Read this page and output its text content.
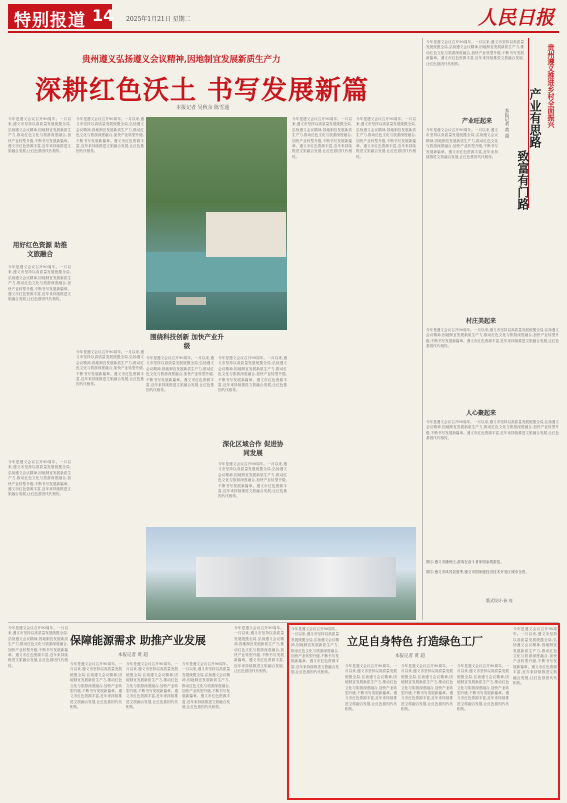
特别报道 14 2025年1月21日 星期二	人民日报
贵州遵义弘扬遵义会议精神,因地制宜发展新质生产力
深耕红色沃土 书写发展新篇
本报记者 吴秋余 陈雪通
今年是遵义会议召开90周年。一月以来,遵义市坚持以高质量发展统揽全局,弘扬遵义会议精神,因地制宜发展新质生产力,推动红色文化与旅游深度融合,加快产业转型升级,不断书写发展新篇章。遵义市红色资源丰富,近年来持续推进文旅融合发展,让红色基因代代相传。
今年是遵义会议召开90周年。一月以来,遵义市坚持以高质量发展统揽全局,弘扬遵义会议精神,因地制宜发展新质生产力,推动红色文化与旅游深度融合,加快产业转型升级,不断书写发展新篇章。遵义市红色资源丰富,近年来持续推进文旅融合发展,让红色基因代代相传。
用好红色资源 助推文旅融合
今年是遵义会议召开90周年。一月以来,遵义市坚持以高质量发展统揽全局,弘扬遵义会议精神,因地制宜发展新质生产力,推动红色文化与旅游深度融合,加快产业转型升级,不断书写发展新篇章。遵义市红色资源丰富,近年来持续推进文旅融合发展,让红色基因代代相传。
围绕科技创新 加快产业升级
今年是遵义会议召开90周年。一月以来,遵义市坚持以高质量发展统揽全局,弘扬遵义会议精神,因地制宜发展新质生产力,推动红色文化与旅游深度融合,加快产业转型升级,不断书写发展新篇章。遵义市红色资源丰富,近年来持续推进文旅融合发展,让红色基因代代相传。
今年是遵义会议召开90周年。一月以来,遵义市坚持以高质量发展统揽全局,弘扬遵义会议精神,因地制宜发展新质生产力,推动红色文化与旅游深度融合,加快产业转型升级,不断书写发展新篇章。遵义市红色资源丰富,近年来持续推进文旅融合发展,让红色基因代代相传。
深化区域合作 促进协同发展
今年是遵义会议召开90周年。一月以来,遵义市坚持以高质量发展统揽全局,弘扬遵义会议精神,因地制宜发展新质生产力,推动红色文化与旅游深度融合,加快产业转型升级,不断书写发展新篇章。遵义市红色资源丰富,近年来持续推进文旅融合发展,让红色基因代代相传。
今年是遵义会议召开90周年。一月以来,遵义市坚持以高质量发展统揽全局,弘扬遵义会议精神,因地制宜发展新质生产力,推动红色文化与旅游深度融合,加快产业转型升级,不断书写发展新篇章。遵义市红色资源丰富,近年来持续推进文旅融合发展,让红色基因代代相传。
今年是遵义会议召开90周年。一月以来,遵义市坚持以高质量发展统揽全局,弘扬遵义会议精神,因地制宜发展新质生产力,推动红色文化与旅游深度融合,加快产业转型升级,不断书写发展新篇章。遵义市红色资源丰富,近年来持续推进文旅融合发展,让红色基因代代相传。
今年是遵义会议召开90周年。一月以来,遵义市坚持以高质量发展统揽全局,弘扬遵义会议精神,因地制宜发展新质生产力,推动红色文化与旅游深度融合,加快产业转型升级,不断书写发展新篇章。遵义市红色资源丰富,近年来持续推进文旅融合发展,让红色基因代代相传。
今年是遵义会议召开90周年。一月以来,遵义市坚持以高质量发展统揽全局,弘扬遵义会议精神,因地制宜发展新质生产力,推动红色文化与旅游深度融合,加快产业转型升级,不断书写发展新篇章。遵义市红色资源丰富,近年来持续推进文旅融合发展,让红色基因代代相传。
今年是遵义会议召开90周年。一月以来,遵义市坚持以高质量发展统揽全局,弘扬遵义会议精神,因地制宜发展新质生产力,推动红色文化与旅游深度融合,加快产业转型升级,不断书写发展新篇章。遵义市红色资源丰富,近年来持续推进文旅融合发展,让红色基因代代相传。	贵州遵义推进乡村全面振兴
产业有思路
致富有门路
本报记者 黄 超
产业旺起来
今年是遵义会议召开90周年。一月以来,遵义市坚持以高质量发展统揽全局,弘扬遵义会议精神,因地制宜发展新质生产力,推动红色文化与旅游深度融合,加快产业转型升级,不断书写发展新篇章。遵义市红色资源丰富,近年来持续推进文旅融合发展,让红色基因代代相传。
村庄美起来
今年是遵义会议召开90周年。一月以来,遵义市坚持以高质量发展统揽全局,弘扬遵义会议精神,因地制宜发展新质生产力,推动红色文化与旅游深度融合,加快产业转型升级,不断书写发展新篇章。遵义市红色资源丰富,近年来持续推进文旅融合发展,让红色基因代代相传。
人心聚起来
今年是遵义会议召开90周年。一月以来,遵义市坚持以高质量发展统揽全局,弘扬遵义会议精神,因地制宜发展新质生产力,推动红色文化与旅游深度融合,加快产业转型升级,不断书写发展新篇章。遵义市红色资源丰富,近年来持续推进文旅融合发展,让红色基因代代相传。
图①:遵义市播州区,游客在奋斗者家园参观游览。
图②:遵义市凤冈县夏季,遵义市国家级经济技术开发区城市全景。
版式设计:孙 亮
今年是遵义会议召开90周年。一月以来,遵义市坚持以高质量发展统揽全局,弘扬遵义会议精神,因地制宜发展新质生产力,推动红色文化与旅游深度融合,加快产业转型升级,不断书写发展新篇章。遵义市红色资源丰富,近年来持续推进文旅融合发展,让红色基因代代相传。
保障能源需求 助推产业发展
本报记者 黄 超
今年是遵义会议召开90周年。一月以来,遵义市坚持以高质量发展统揽全局,弘扬遵义会议精神,因地制宜发展新质生产力,推动红色文化与旅游深度融合,加快产业转型升级,不断书写发展新篇章。遵义市红色资源丰富,近年来持续推进文旅融合发展,让红色基因代代相传。
今年是遵义会议召开90周年。一月以来,遵义市坚持以高质量发展统揽全局,弘扬遵义会议精神,因地制宜发展新质生产力,推动红色文化与旅游深度融合,加快产业转型升级,不断书写发展新篇章。遵义市红色资源丰富,近年来持续推进文旅融合发展,让红色基因代代相传。
今年是遵义会议召开90周年。一月以来,遵义市坚持以高质量发展统揽全局,弘扬遵义会议精神,因地制宜发展新质生产力,推动红色文化与旅游深度融合,加快产业转型升级,不断书写发展新篇章。遵义市红色资源丰富,近年来持续推进文旅融合发展,让红色基因代代相传。
今年是遵义会议召开90周年。一月以来,遵义市坚持以高质量发展统揽全局,弘扬遵义会议精神,因地制宜发展新质生产力,推动红色文化与旅游深度融合,加快产业转型升级,不断书写发展新篇章。遵义市红色资源丰富,近年来持续推进文旅融合发展,让红色基因代代相传。
今年是遵义会议召开90周年。一月以来,遵义市坚持以高质量发展统揽全局,弘扬遵义会议精神,因地制宜发展新质生产力,推动红色文化与旅游深度融合,加快产业转型升级,不断书写发展新篇章。遵义市红色资源丰富,近年来持续推进文旅融合发展,让红色基因代代相传。
立足自身特色 打造绿色工厂
本报记者 黄 超
今年是遵义会议召开90周年。一月以来,遵义市坚持以高质量发展统揽全局,弘扬遵义会议精神,因地制宜发展新质生产力,推动红色文化与旅游深度融合,加快产业转型升级,不断书写发展新篇章。遵义市红色资源丰富,近年来持续推进文旅融合发展,让红色基因代代相传。
今年是遵义会议召开90周年。一月以来,遵义市坚持以高质量发展统揽全局,弘扬遵义会议精神,因地制宜发展新质生产力,推动红色文化与旅游深度融合,加快产业转型升级,不断书写发展新篇章。遵义市红色资源丰富,近年来持续推进文旅融合发展,让红色基因代代相传。
今年是遵义会议召开90周年。一月以来,遵义市坚持以高质量发展统揽全局,弘扬遵义会议精神,因地制宜发展新质生产力,推动红色文化与旅游深度融合,加快产业转型升级,不断书写发展新篇章。遵义市红色资源丰富,近年来持续推进文旅融合发展,让红色基因代代相传。
今年是遵义会议召开90周年。一月以来,遵义市坚持以高质量发展统揽全局,弘扬遵义会议精神,因地制宜发展新质生产力,推动红色文化与旅游深度融合,加快产业转型升级,不断书写发展新篇章。遵义市红色资源丰富,近年来持续推进文旅融合发展,让红色基因代代相传。
